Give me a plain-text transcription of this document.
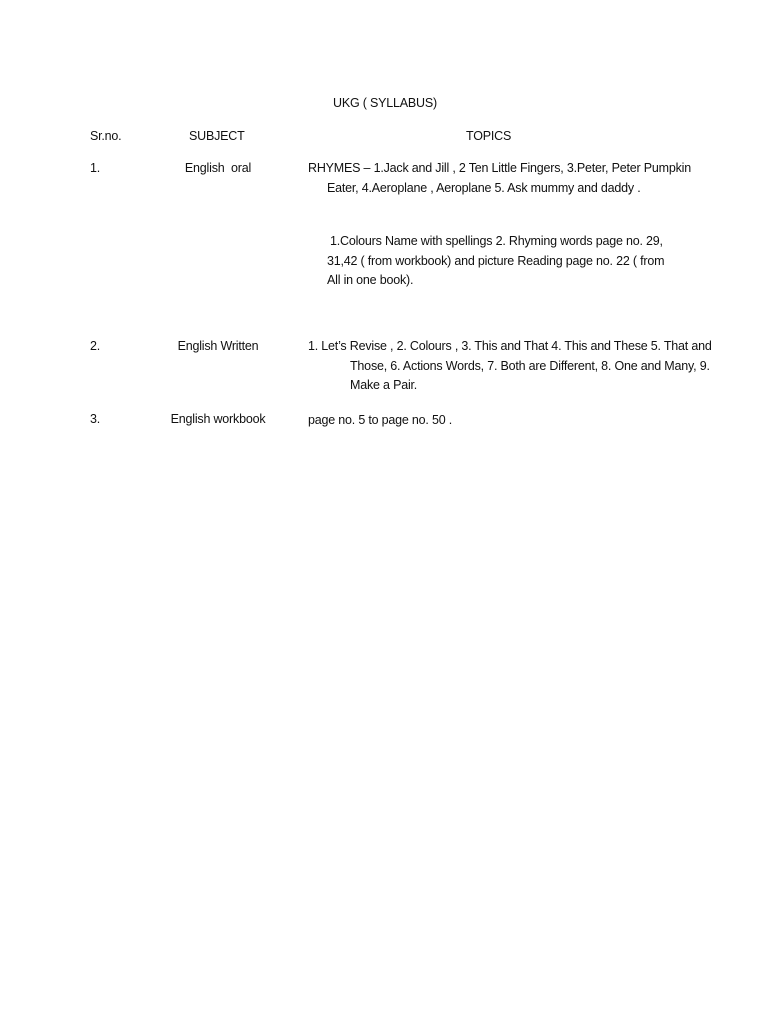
UKG ( SYLLABUS)
Sr.no.	SUBJECT	TOPICS
1.	English  oral	RHYMES – 1.Jack and Jill , 2 Ten Little Fingers, 3.Peter, Peter Pumpkin Eater, 4.Aeroplane , Aeroplane 5. Ask mummy and daddy .
1.Colours Name with spellings 2. Rhyming words page no. 29, 31,42 ( from workbook) and picture Reading page no. 22 ( from All in one book).
2.	English Written	1. Let’s Revise , 2. Colours , 3. This and That 4. This and These 5. That and Those, 6. Actions Words, 7. Both are Different, 8. One and Many, 9. Make a Pair.
3.	English workbook	page no. 5 to page no. 50 .
